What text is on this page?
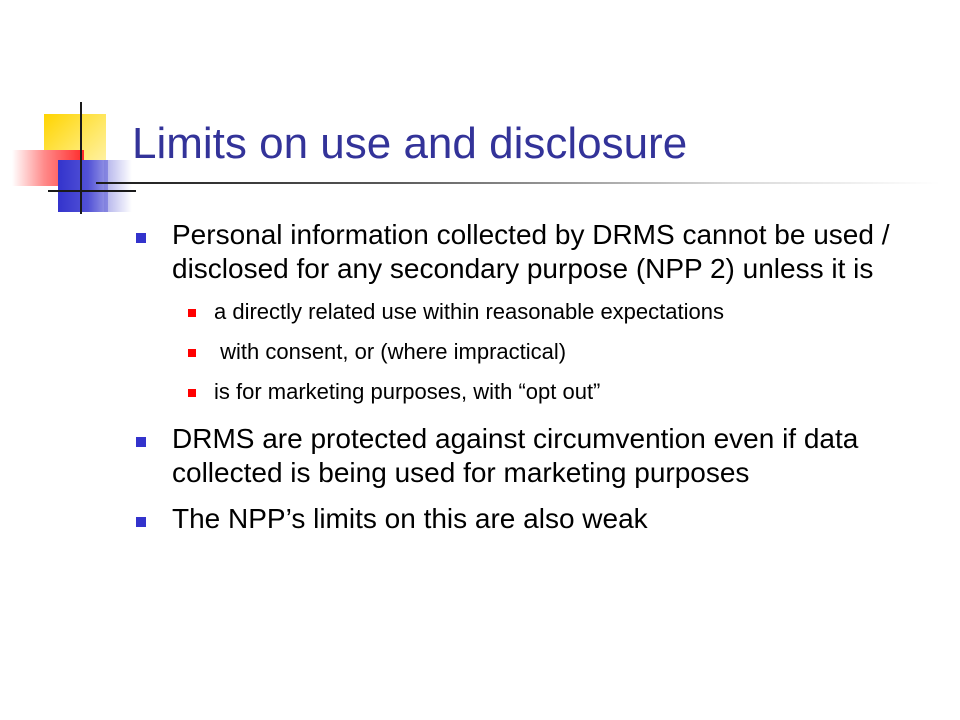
Limits on use and disclosure
Personal information collected by DRMS cannot be used / disclosed for any secondary purpose (NPP 2) unless it is
a directly related use within reasonable expectations
with consent, or (where impractical)
is for marketing purposes, with “opt out”
DRMS are protected against circumvention even if data collected is being used for marketing purposes
The NPP’s limits on this are also weak
